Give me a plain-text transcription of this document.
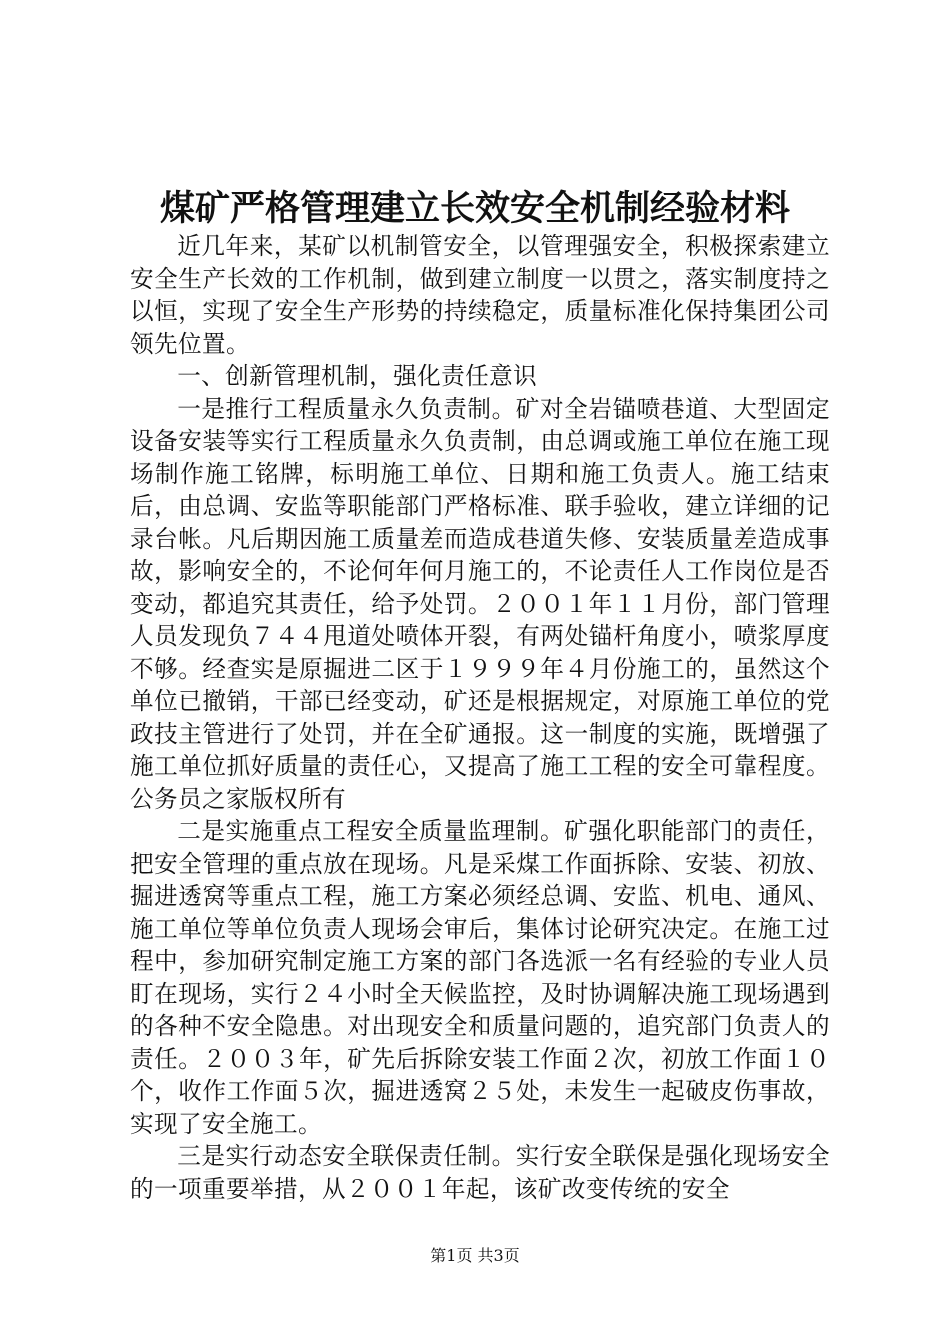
煤矿严格管理建立长效安全机制经验材料

近几年来，某矿以机制管安全，以管理强安全，积极探索建立安全生产长效的工作机制，做到建立制度一以贯之，落实制度持之以恒，实现了安全生产形势的持续稳定，质量标准化保持集团公司领先位置。

一、创新管理机制，强化责任意识

一是推行工程质量永久负责制。矿对全岩锚喷巷道、大型固定设备安装等实行工程质量永久负责制，由总调或施工单位在施工现场制作施工铭牌，标明施工单位、日期和施工负责人。施工结束后，由总调、安监等职能部门严格标准、联手验收，建立详细的记录台帐。凡后期因施工质量差而造成巷道失修、安装质量差造成事故，影响安全的，不论何年何月施工的，不论责任人工作岗位是否变动，都追究其责任，给予处罚。２００１年１１月份，部门管理人员发现负７４４甩道处喷体开裂，有两处锚杆角度小，喷浆厚度不够。经查实是原掘进二区于１９９９年４月份施工的，虽然这个单位已撤销，干部已经变动，矿还是根据规定，对原施工单位的党政技主管进行了处罚，并在全矿通报。这一制度的实施，既增强了施工单位抓好质量的责任心，又提高了施工工程的安全可靠程度。公务员之家版权所有

二是实施重点工程安全质量监理制。矿强化职能部门的责任，把安全管理的重点放在现场。凡是采煤工作面拆除、安装、初放、掘进透窝等重点工程，施工方案必须经总调、安监、机电、通风、施工单位等单位负责人现场会审后，集体讨论研究决定。在施工过程中，参加研究制定施工方案的部门各选派一名有经验的专业人员盯在现场，实行２４小时全天候监控，及时协调解决施工现场遇到的各种不安全隐患。对出现安全和质量问题的，追究部门负责人的责任。２００３年，矿先后拆除安装工作面２次，初放工作面１０个，收作工作面５次，掘进透窝２５处，未发生一起破皮伤事故，实现了安全施工。

三是实行动态安全联保责任制。实行安全联保是强化现场安全的一项重要举措，从２００１年起，该矿改变传统的安全

第1页 共3页
